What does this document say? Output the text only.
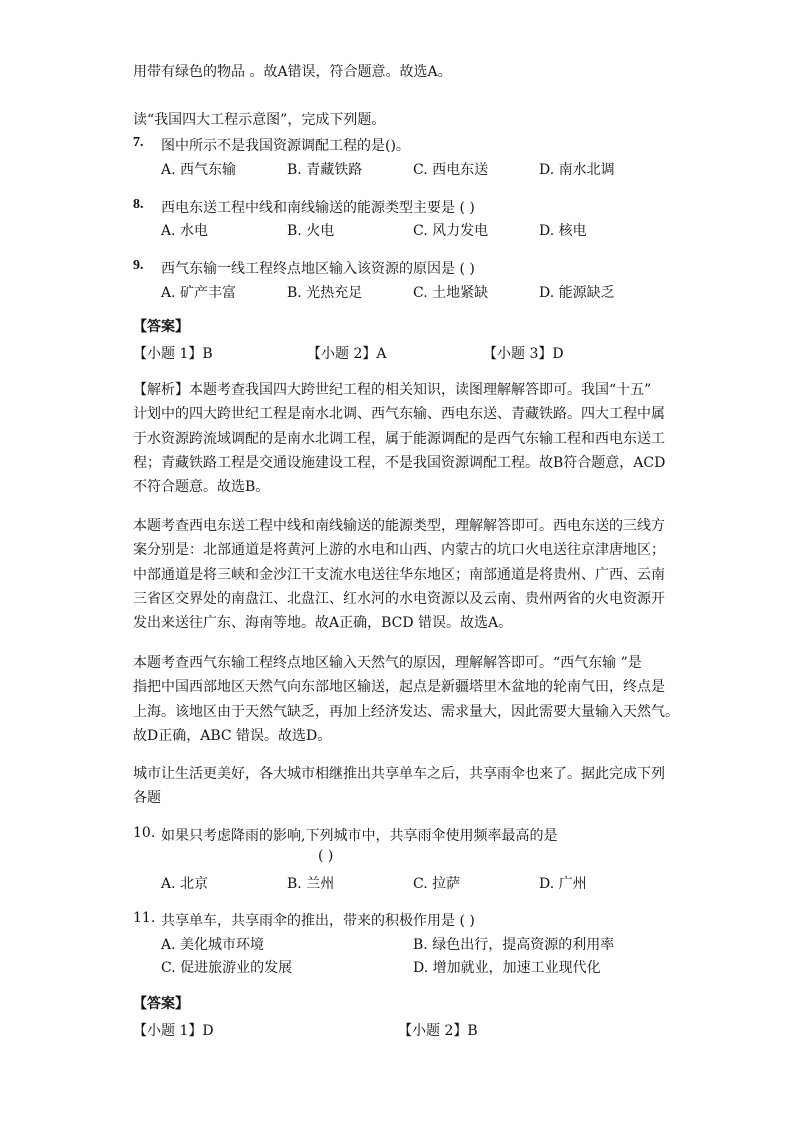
用带有绿色的物品 。故A错误，符合题意。故选A。
读“我国四大工程示意图”，完成下列题。
7. 图中所示不是我国资源调配工程的是()。
A. 西气东输	B. 青藏铁路	C. 西电东送	D. 南水北调
8. 西电东送工程中线和南线输送的能源类型主要是 ( )
A. 水电	B. 火电	C. 风力发电	D. 核电
9. 西气东输一线工程终点地区输入该资源的原因是 ( )
A. 矿产丰富	B. 光热充足	C. 土地紧缺	D. 能源缺乏
【答案】
【小题 1】B	【小题 2】A	【小题 3】D
【解析】本题考查我国四大跨世纪工程的相关知识，读图理解解答即可。我国“十五”
计划中的四大跨世纪工程是南水北调、西气东输、西电东送、青藏铁路。四大工程中属
于水资源跨流域调配的是南水北调工程，属于能源调配的是西气东输工程和西电东送工
程；青藏铁路工程是交通设施建设工程，不是我国资源调配工程。故B符合题意，ACD
不符合题意。故选B。
本题考查西电东送工程中线和南线输送的能源类型，理解解答即可。西电东送的三线方
案分别是：北部通道是将黄河上游的水电和山西、内蒙古的坑口火电送往京津唐地区；
中部通道是将三峡和金沙江干支流水电送往华东地区；南部通道是将贵州、广西、云南
三省区交界处的南盘江、北盘江、红水河的水电资源以及云南、贵州两省的火电资源开
发出来送往广东、海南等地。故A正确，BCD 错误。故选A。
本题考查西气东输工程终点地区输入天然气的原因，理解解答即可。“西气东输 ”是
指把中国西部地区天然气向东部地区输送，起点是新疆塔里木盆地的轮南气田，终点是
上海。该地区由于天然气缺乏，再加上经济发达、需求量大，因此需要大量输入天然气。
故D正确，ABC 错误。故选D。
城市让生活更美好，各大城市相继推出共享单车之后，共享雨伞也来了。据此完成下列
各题
10. 如果只考虑降雨的影响,下列城市中，共享雨伞使用频率最高的是
( )
A. 北京	B. 兰州	C. 拉萨	D. 广州
11. 共享单车，共享雨伞的推出，带来的积极作用是 ( )
A. 美化城市环境	B. 绿色出行，提高资源的利用率
C. 促进旅游业的发展	D. 增加就业，加速工业现代化
【答案】
【小题 1】D	【小题 2】B
